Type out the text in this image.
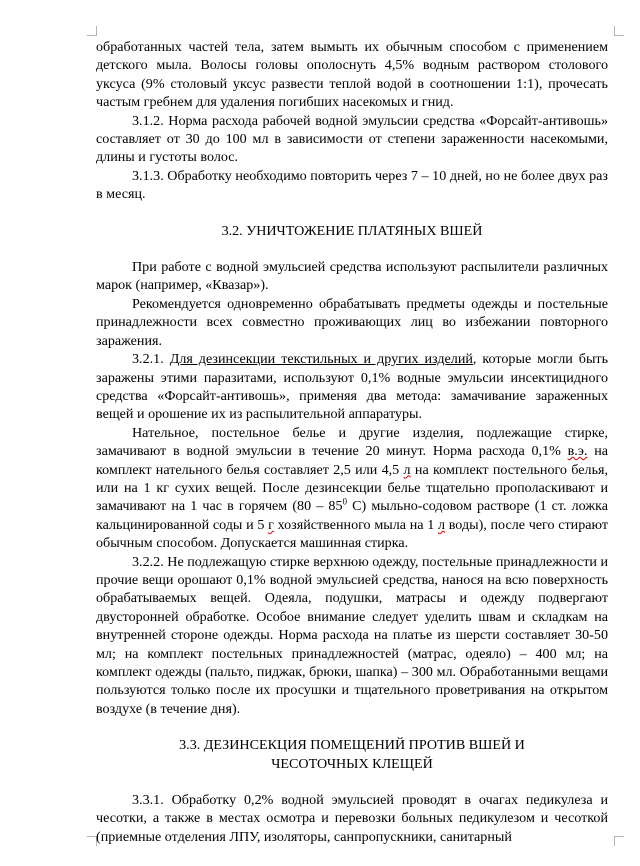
обработанных частей тела, затем вымыть их обычным способом с применением детского мыла. Волосы головы ополоснуть 4,5% водным раствором столового уксуса (9% столовый уксус развести теплой водой в соотношении 1:1), прочесать частым гребнем для удаления погибших насекомых и гнид.

3.1.2. Норма расхода рабочей водной эмульсии средства «Форсайт-антивошь» составляет от 30 до 100 мл в зависимости от степени зараженности насекомыми, длины и густоты волос.

3.1.3. Обработку необходимо повторить через 7 – 10 дней, но не более двух раз в месяц.

3.2. УНИЧТОЖЕНИЕ ПЛАТЯНЫХ ВШЕЙ

При работе с водной эмульсией средства используют распылители различных марок (например, «Квазар»).

Рекомендуется одновременно обрабатывать предметы одежды и постельные принадлежности всех совместно проживающих лиц во избежании повторного заражения.

3.2.1. Для дезинсекции текстильных и других изделий, которые могли быть заражены этими паразитами, используют 0,1% водные эмульсии инсектицидного средства «Форсайт-антивошь», применяя два метода: замачивание зараженных вещей и орошение их из распылительной аппаратуры.

Нательное, постельное белье и другие изделия, подлежащие стирке, замачивают в водной эмульсии в течение 20 минут. Норма расхода 0,1% в.э. на комплект нательного белья составляет 2,5 или 4,5 л на комплект постельного белья, или на 1 кг сухих вещей. После дезинсекции белье тщательно прополаскивают и замачивают на 1 час в горячем ($80 - 85^0$ С) мыльно-содовом растворе (1 ст. ложка кальцинированной соды и 5 г хозяйственного мыла на 1 л воды), после чего стирают обычным способом. Допускается машинная стирка.

3.2.2. Не подлежащую стирке верхнюю одежду, постельные принадлежности и прочие вещи орошают 0,1% водной эмульсией средства, нанося на всю поверхность обрабатываемых вещей. Одеяла, подушки, матрасы и одежду подвергают двусторонней обработке. Особое внимание следует уделить швам и складкам на внутренней стороне одежды. Норма расхода на платье из шерсти составляет 30-50 мл; на комплект постельных принадлежностей (матрас, одеяло) – 400 мл; на комплект одежды (пальто, пиджак, брюки, шапка) – 300 мл. Обработанными вещами пользуются только после их просушки и тщательного проветривания на открытом воздухе (в течение дня).

3.3. ДЕЗИНСЕКЦИЯ ПОМЕЩЕНИЙ ПРОТИВ ВШЕЙ И
ЧЕСОТОЧНЫХ КЛЕЩЕЙ

3.3.1. Обработку 0,2% водной эмульсией проводят в очагах педикулеза и чесотки, а также в местах осмотра и перевозки больных педикулезом и чесоткой (приемные отделения ЛПУ, изоляторы, санпропускники, санитарный
